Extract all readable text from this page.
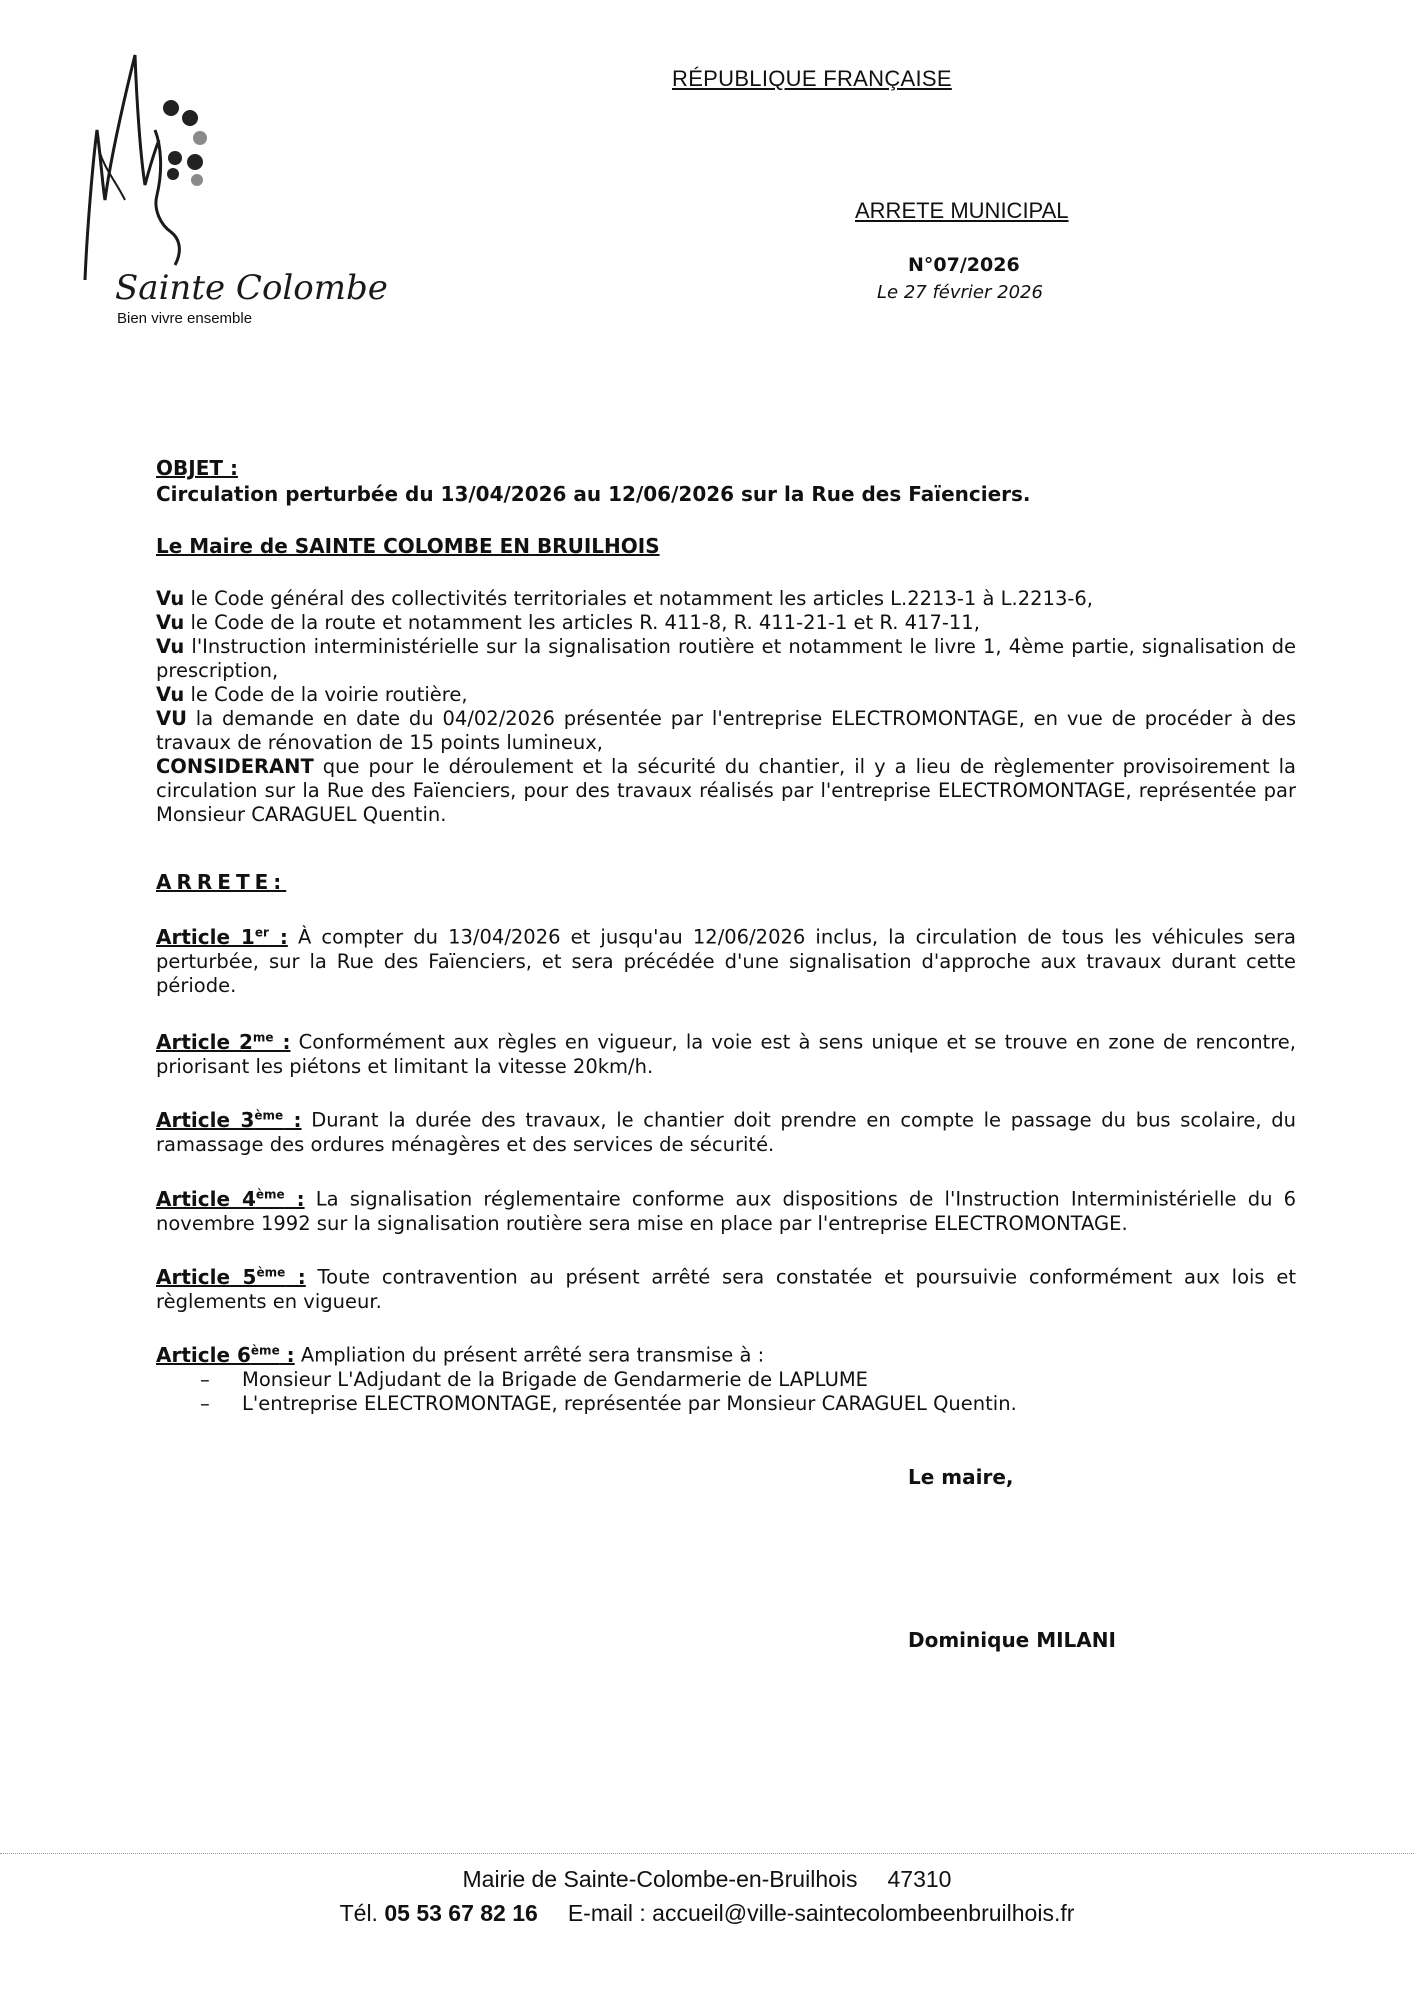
Sainte Colombe
Bien vivre ensemble
RÉPUBLIQUE FRANÇAISE
ARRETE MUNICIPAL
N°07/2026
Le 27 février 2026
OBJET :
Circulation perturbée du 13/04/2026 au 12/06/2026 sur la Rue des Faïenciers.
Le Maire de SAINTE COLOMBE EN BRUILHOIS

Vu le Code général des collectivités territoriales et notamment les articles L.2213-1 à L.2213-6,

Vu le Code de la route et notamment les articles R. 411-8, R. 411-21-1 et R. 417-11,

Vu l'Instruction interministérielle sur la signalisation routière et notamment le livre 1, 4ème partie, signalisation de prescription,

Vu le Code de la voirie routière,

VU la demande en date du 04/02/2026 présentée par l'entreprise ELECTROMONTAGE, en vue de procéder à des travaux de rénovation de 15 points lumineux,

CONSIDERANT que pour le déroulement et la sécurité du chantier, il y a lieu de règlementer provisoirement la circulation sur la Rue des Faïenciers, pour des travaux réalisés par l'entreprise ELECTROMONTAGE, représentée par Monsieur CARAGUEL Quentin.

ARRETE:

Article 1er : À compter du 13/04/2026 et jusqu'au 12/06/2026 inclus, la circulation de tous les véhicules sera perturbée, sur la Rue des Faïenciers, et sera précédée d'une signalisation d'approche aux travaux durant cette période.

Article $2^{me}$ : Conformément aux règles en vigueur, la voie est à sens unique et se trouve en zone de rencontre, priorisant les piétons et limitant la vitesse 20km/h.

Article 3ème : Durant la durée des travaux, le chantier doit prendre en compte le passage du bus scolaire, du ramassage des ordures ménagères et des services de sécurité.

Article 4ème : La signalisation réglementaire conforme aux dispositions de l'Instruction Interministérielle du 6 novembre 1992 sur la signalisation routière sera mise en place par l'entreprise ELECTROMONTAGE.

Article 5ème : Toute contravention au présent arrêté sera constatée et poursuivie conformément aux lois et règlements en vigueur.

Article 6ème : Ampliation du présent arrêté sera transmise à :

– Monsieur L'Adjudant de la Brigade de Gendarmerie de LAPLUME
– L'entreprise ELECTROMONTAGE, représentée par Monsieur CARAGUEL Quentin.
Le maire,
Dominique MILANI
Mairie de Sainte-Colombe-en-Bruilhois 47310
Tél. 05 53 67 82 16 E-mail : accueil@ville-saintecolombeenbruilhois.fr
